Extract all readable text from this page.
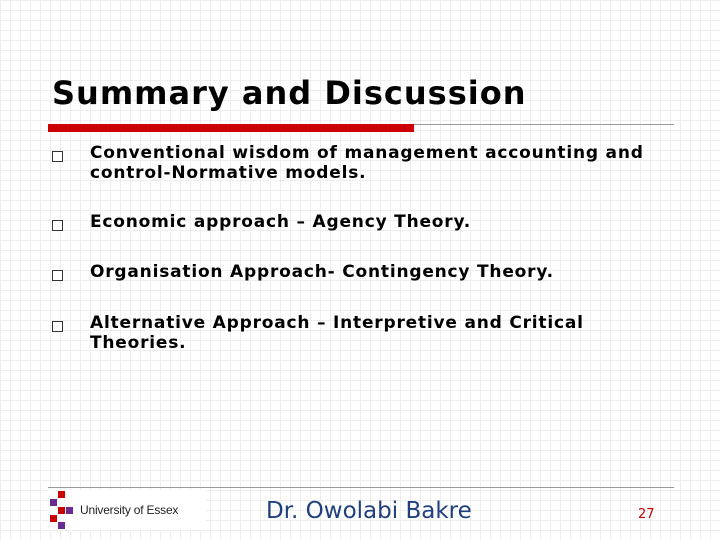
Summary and Discussion
Conventional wisdom of management accounting and control-Normative models.
Economic approach – Agency Theory.
Organisation Approach- Contingency Theory.
Alternative Approach – Interpretive and Critical Theories.
University of Essex	Dr. Owolabi Bakre	27
